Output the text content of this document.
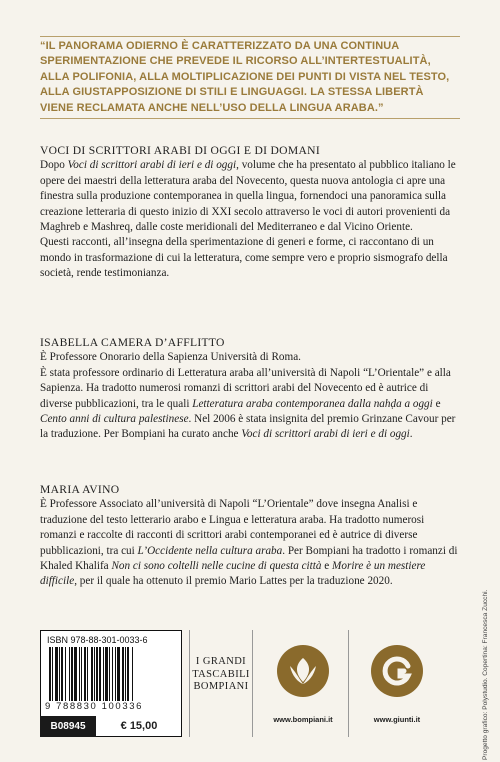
“IL PANORAMA ODIERNO È CARATTERIZZATO DA UNA CONTINUA SPERIMENTAZIONE CHE PREVEDE IL RICORSO ALL’INTERTESTUALITÀ, ALLA POLIFONIA, ALLA MOLTIPLICAZIONE DEI PUNTI DI VISTA NEL TESTO, ALLA GIUSTAPPOSIZIONE DI STILI E LINGUAGGI. LA STESSA LIBERTÀ VIENE RECLAMATA ANCHE NELL’USO DELLA LINGUA ARABA.”

VOCI DI SCRITTORI ARABI DI OGGI E DI DOMANI

Dopo Voci di scrittori arabi di ieri e di oggi, volume che ha presentato al pubblico italiano le opere dei maestri della letteratura araba del Novecento, questa nuova antologia ci apre una finestra sulla produzione contemporanea in quella lingua, fornendoci una panoramica sulla creazione letteraria di questo inizio di XXI secolo attraverso le voci di autori provenienti da Maghreb e Mashreq, dalle coste meridionali del Mediterraneo e dal Vicino Oriente.

Questi racconti, all’insegna della sperimentazione di generi e forme, ci raccontano di un mondo in trasformazione di cui la letteratura, come sempre vero e proprio sismografo della società, rende testimonianza.

ISABELLA CAMERA D’AFFLITTO

È Professore Onorario della Sapienza Università di Roma.

È stata professore ordinario di Letteratura araba all’università di Napoli “L’Orientale” e alla Sapienza. Ha tradotto numerosi romanzi di scrittori arabi del Novecento ed è autrice di diverse pubblicazioni, tra le quali Letteratura araba contemporanea dalla nahḍa a oggi e Cento anni di cultura palestinese. Nel 2006 è stata insignita del premio Grinzane Cavour per la traduzione. Per Bompiani ha curato anche Voci di scrittori arabi di ieri e di oggi.

MARIA AVINO

È Professore Associato all’università di Napoli “L’Orientale” dove insegna Analisi e traduzione del testo letterario arabo e Lingua e letteratura araba. Ha tradotto numerosi romanzi e raccolte di racconti di scrittori arabi contemporanei ed è autrice di diverse pubblicazioni, tra cui L’Occidente nella cultura araba. Per Bompiani ha tradotto i romanzi di Khaled Khalifa Non ci sono coltelli nelle cucine di questa città e Morire è un mestiere difficile, per il quale ha ottenuto il premio Mario Lattes per la traduzione 2020.

Progetto grafico: Polystudio. Copertina: Francesca Zucchi.
ISBN 978-88-301-0033-6
9 788830 100336
B08945	€ 15,00
I GRANDI
TASCABILI
BOMPIANI
www.bompiani.it	www.giunti.it
